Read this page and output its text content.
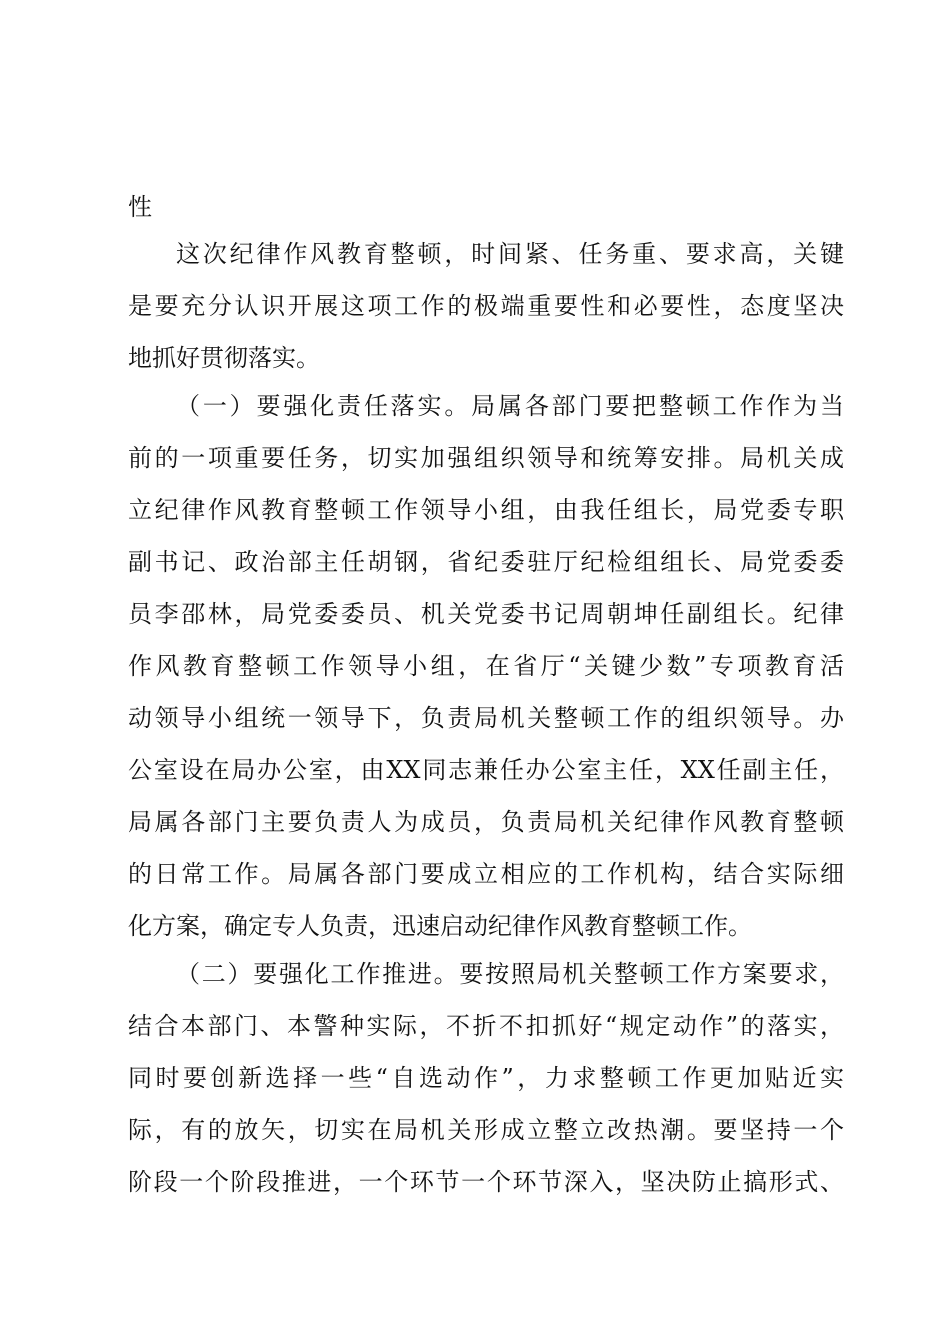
性
这次纪律作风教育整顿，时间紧、任务重、要求高，关键
是要充分认识开展这项工作的极端重要性和必要性，态度坚决
地抓好贯彻落实。
（一）要强化责任落实。局属各部门要把整顿工作作为当
前的一项重要任务，切实加强组织领导和统筹安排。局机关成
立纪律作风教育整顿工作领导小组，由我任组长，局党委专职
副书记、政治部主任胡钢，省纪委驻厅纪检组组长、局党委委
员李邵林，局党委委员、机关党委书记周朝坤任副组长。纪律
作风教育整顿工作领导小组，在省厅“关键少数”专项教育活
动领导小组统一领导下，负责局机关整顿工作的组织领导。办
公室设在局办公室，由XX同志兼任办公室主任，XX任副主任，
局属各部门主要负责人为成员，负责局机关纪律作风教育整顿
的日常工作。局属各部门要成立相应的工作机构，结合实际细
化方案，确定专人负责，迅速启动纪律作风教育整顿工作。
（二）要强化工作推进。要按照局机关整顿工作方案要求，
结合本部门、本警种实际，不折不扣抓好“规定动作”的落实，
同时要创新选择一些“自选动作”，力求整顿工作更加贴近实
际，有的放矢，切实在局机关形成立整立改热潮。要坚持一个
阶段一个阶段推进，一个环节一个环节深入，坚决防止搞形式、
